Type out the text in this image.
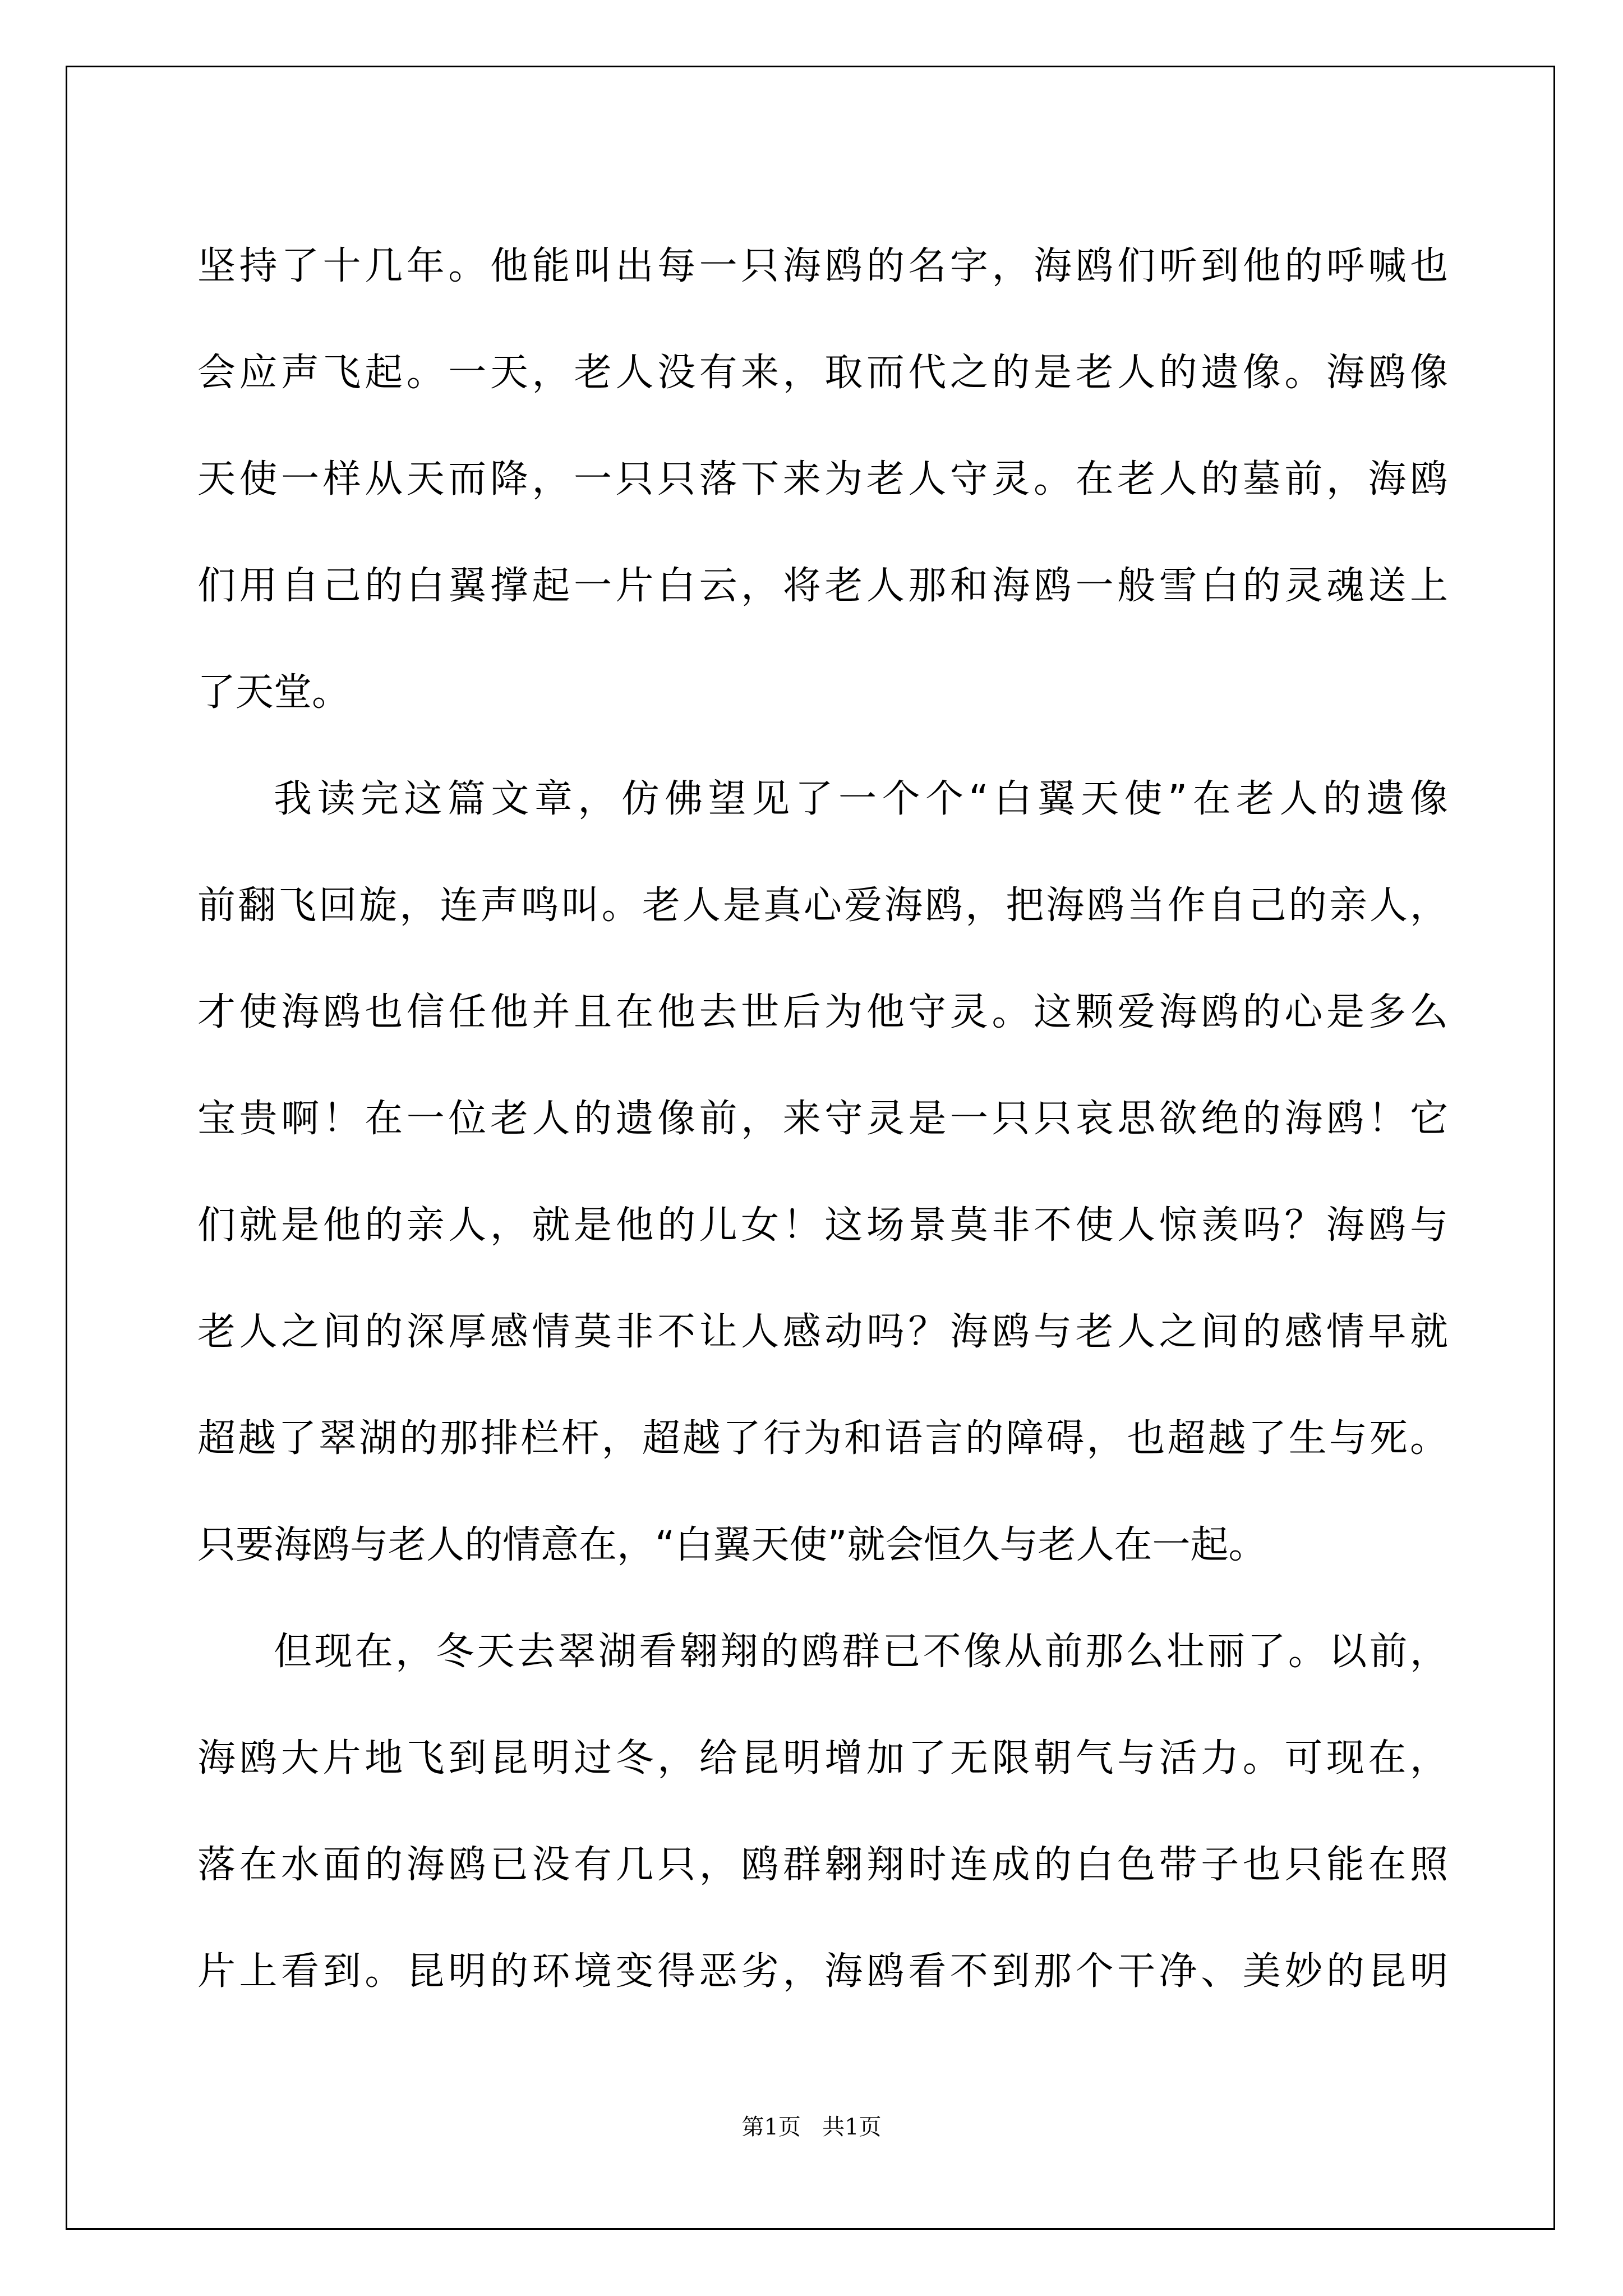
坚持了十几年。他能叫出每一只海鸥的名字，海鸥们听到他的呼喊也
会应声飞起。一天，老人没有来，取而代之的是老人的遗像。海鸥像
天使一样从天而降，一只只落下来为老人守灵。在老人的墓前，海鸥
们用自己的白翼撑起一片白云，将老人那和海鸥一般雪白的灵魂送上
了天堂。
我读完这篇文章，仿佛望见了一个个“白翼天使”在老人的遗像
前翻飞回旋，连声鸣叫。老人是真心爱海鸥，把海鸥当作自己的亲人，
才使海鸥也信任他并且在他去世后为他守灵。这颗爱海鸥的心是多么
宝贵啊！在一位老人的遗像前，来守灵是一只只哀思欲绝的海鸥！它
们就是他的亲人，就是他的儿女！这场景莫非不使人惊羡吗？海鸥与
老人之间的深厚感情莫非不让人感动吗？海鸥与老人之间的感情早就
超越了翠湖的那排栏杆，超越了行为和语言的障碍，也超越了生与死。
只要海鸥与老人的情意在，“白翼天使”就会恒久与老人在一起。
但现在，冬天去翠湖看翱翔的鸥群已不像从前那么壮丽了。以前，
海鸥大片地飞到昆明过冬，给昆明增加了无限朝气与活力。可现在，
落在水面的海鸥已没有几只，鸥群翱翔时连成的白色带子也只能在照
片上看到。昆明的环境变得恶劣，海鸥看不到那个干净、美妙的昆明
第1页 共1页
